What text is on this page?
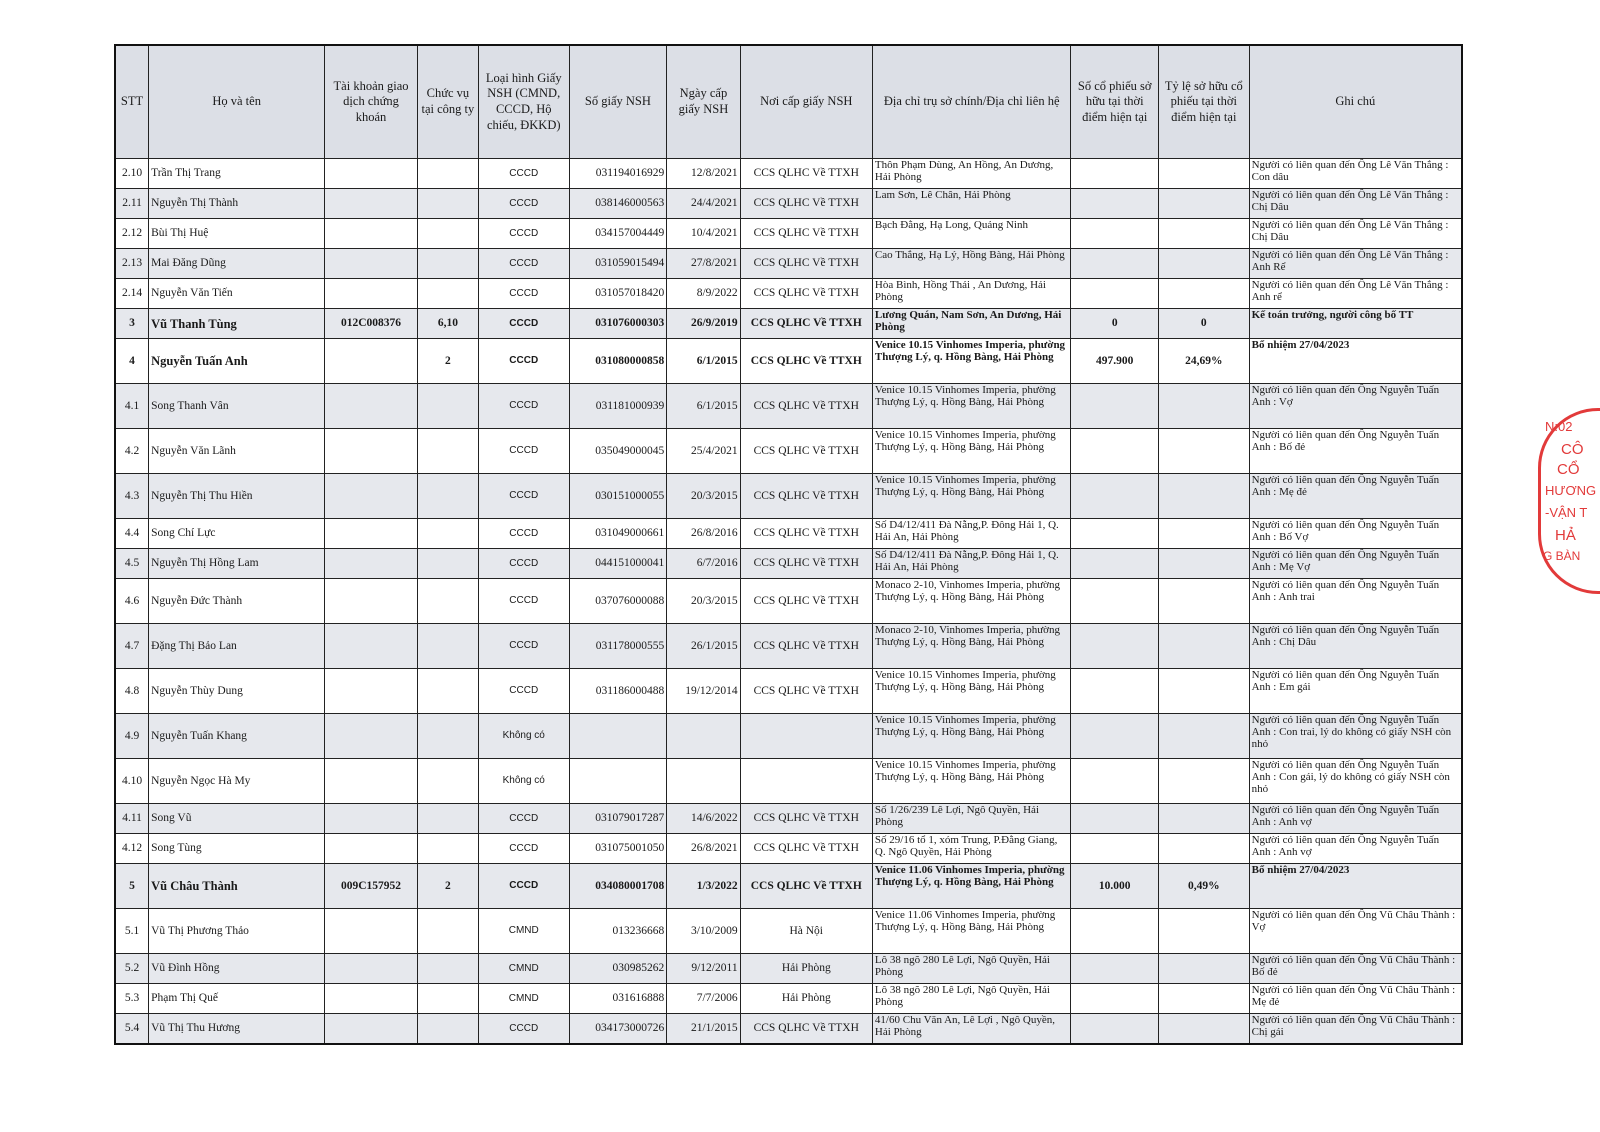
STT	Họ và tên	Tài khoản giao dịch chứng khoán	Chức vụ tại công ty	Loại hình Giấy NSH (CMND, CCCD, Hộ chiếu, ĐKKD)	Số giấy NSH	Ngày cấp giấy NSH	Nơi cấp giấy NSH	Địa chỉ trụ sở chính/Địa chỉ liên hệ	Số cổ phiếu sở hữu tại thời điểm hiện tại	Tỷ lệ sở hữu cổ phiếu tại thời điểm hiện tại	Ghi chú
2.10	Trần Thị Trang			CCCD	031194016929	12/8/2021	CCS QLHC Về TTXH	Thôn Phạm Dùng, An Hồng, An Dương, Hải Phòng			Người có liên quan đến Ông Lê Văn Thắng : Con dâu
2.11	Nguyễn Thị Thành			CCCD	038146000563	24/4/2021	CCS QLHC Về TTXH	Lam Sơn, Lê Chân, Hải Phòng			Người có liên quan đến Ông Lê Văn Thắng : Chị Dâu
2.12	Bùi Thị Huệ			CCCD	034157004449	10/4/2021	CCS QLHC Về TTXH	Bạch Đằng, Hạ Long, Quảng Ninh			Người có liên quan đến Ông Lê Văn Thắng : Chị Dâu
2.13	Mai Đăng Dũng			CCCD	031059015494	27/8/2021	CCS QLHC Về TTXH	Cao Thắng, Hạ Lý, Hồng Bàng, Hải Phòng			Người có liên quan đến Ông Lê Văn Thắng : Anh Rể
2.14	Nguyễn Văn Tiến			CCCD	031057018420	8/9/2022	CCS QLHC Về TTXH	Hòa Bình, Hồng Thái , An Dương, Hải Phòng			Người có liên quan đến Ông Lê Văn Thắng : Anh rể
3	Vũ Thanh Tùng	012C008376	6,10	CCCD	031076000303	26/9/2019	CCS QLHC Về TTXH	Lương Quán, Nam Sơn, An Dương, Hải Phòng	0	0	Kế toán trưởng, người công bố TT
4	Nguyễn Tuấn Anh		2	CCCD	031080000858	6/1/2015	CCS QLHC Về TTXH	Venice 10.15 Vinhomes Imperia, phường Thượng Lý, q. Hồng Bàng, Hải Phòng	497.900	24,69%	Bổ nhiệm 27/04/2023
4.1	Song Thanh Vân			CCCD	031181000939	6/1/2015	CCS QLHC Về TTXH	Venice 10.15 Vinhomes Imperia, phường Thượng Lý, q. Hồng Bàng, Hải Phòng			Người có liên quan đến Ông Nguyễn Tuấn Anh : Vợ
4.2	Nguyễn Văn Lãnh			CCCD	035049000045	25/4/2021	CCS QLHC Về TTXH	Venice 10.15 Vinhomes Imperia, phường Thượng Lý, q. Hồng Bàng, Hải Phòng			Người có liên quan đến Ông Nguyễn Tuấn Anh : Bố đẻ
4.3	Nguyễn Thị Thu Hiền			CCCD	030151000055	20/3/2015	CCS QLHC Về TTXH	Venice 10.15 Vinhomes Imperia, phường Thượng Lý, q. Hồng Bàng, Hải Phòng			Người có liên quan đến Ông Nguyễn Tuấn Anh : Mẹ đẻ
4.4	Song Chí Lực			CCCD	031049000661	26/8/2016	CCS QLHC Về TTXH	Số D4/12/411 Đà Nẵng,P. Đông Hải 1, Q. Hải An, Hải Phòng			Người có liên quan đến Ông Nguyễn Tuấn Anh : Bố Vợ
4.5	Nguyễn Thị Hồng Lam			CCCD	044151000041	6/7/2016	CCS QLHC Về TTXH	Số D4/12/411 Đà Nẵng,P. Đông Hải 1, Q. Hải An, Hải Phòng			Người có liên quan đến Ông Nguyễn Tuấn Anh : Mẹ Vợ
4.6	Nguyễn Đức Thành			CCCD	037076000088	20/3/2015	CCS QLHC Về TTXH	Monaco 2-10, Vinhomes Imperia, phường Thượng Lý, q. Hồng Bàng, Hải Phòng			Người có liên quan đến Ông Nguyễn Tuấn Anh : Anh trai
4.7	Đặng Thị Bảo Lan			CCCD	031178000555	26/1/2015	CCS QLHC Về TTXH	Monaco 2-10, Vinhomes Imperia, phường Thượng Lý, q. Hồng Bàng, Hải Phòng			Người có liên quan đến Ông Nguyễn Tuấn Anh : Chị Dâu
4.8	Nguyễn Thùy Dung			CCCD	031186000488	19/12/2014	CCS QLHC Về TTXH	Venice 10.15 Vinhomes Imperia, phường Thượng Lý, q. Hồng Bàng, Hải Phòng			Người có liên quan đến Ông Nguyễn Tuấn Anh : Em gái
4.9	Nguyễn Tuấn Khang			Không có				Venice 10.15 Vinhomes Imperia, phường Thượng Lý, q. Hồng Bàng, Hải Phòng			Người có liên quan đến Ông Nguyễn Tuấn Anh : Con trai, lý do không có giấy NSH còn nhỏ
4.10	Nguyễn Ngọc Hà My			Không có				Venice 10.15 Vinhomes Imperia, phường Thượng Lý, q. Hồng Bàng, Hải Phòng			Người có liên quan đến Ông Nguyễn Tuấn Anh : Con gái, lý do không có giấy NSH còn nhỏ
4.11	Song Vũ			CCCD	031079017287	14/6/2022	CCS QLHC Về TTXH	Số 1/26/239 Lê Lợi, Ngô Quyền, Hải Phòng			Người có liên quan đến Ông Nguyễn Tuấn Anh : Anh vợ
4.12	Song Tùng			CCCD	031075001050	26/8/2021	CCS QLHC Về TTXH	Số 29/16 tổ 1, xóm Trung, P.Đằng Giang, Q. Ngô Quyền, Hải Phòng			Người có liên quan đến Ông Nguyễn Tuấn Anh : Anh vợ
5	Vũ Châu Thành	009C157952	2	CCCD	034080001708	1/3/2022	CCS QLHC Về TTXH	Venice 11.06 Vinhomes Imperia, phường Thượng Lý, q. Hồng Bàng, Hải Phòng	10.000	0,49%	Bổ nhiệm 27/04/2023
5.1	Vũ Thị Phương Thảo			CMND	013236668	3/10/2009	Hà Nội	Venice 11.06 Vinhomes Imperia, phường Thượng Lý, q. Hồng Bàng, Hải Phòng			Người có liên quan đến Ông Vũ Châu Thành : Vợ
5.2	Vũ Đình Hồng			CMND	030985262	9/12/2011	Hải Phòng	Lô 38 ngõ 280 Lê Lợi, Ngô Quyền, Hải Phòng			Người có liên quan đến Ông Vũ Châu Thành : Bố đẻ
5.3	Phạm Thị Quế			CMND	031616888	7/7/2006	Hải Phòng	Lô 38 ngõ 280 Lê Lợi, Ngô Quyền, Hải Phòng			Người có liên quan đến Ông Vũ Châu Thành : Mẹ đẻ
5.4	Vũ Thị Thu Hương			CCCD	034173000726	21/1/2015	CCS QLHC Về TTXH	41/60 Chu Văn An, Lê Lợi , Ngô Quyền, Hải Phòng			Người có liên quan đến Ông Vũ Châu Thành : Chị gái
N:02
CÔ
CỔ
HƯƠNG
-VẬN T
HẢ
G BÀN
